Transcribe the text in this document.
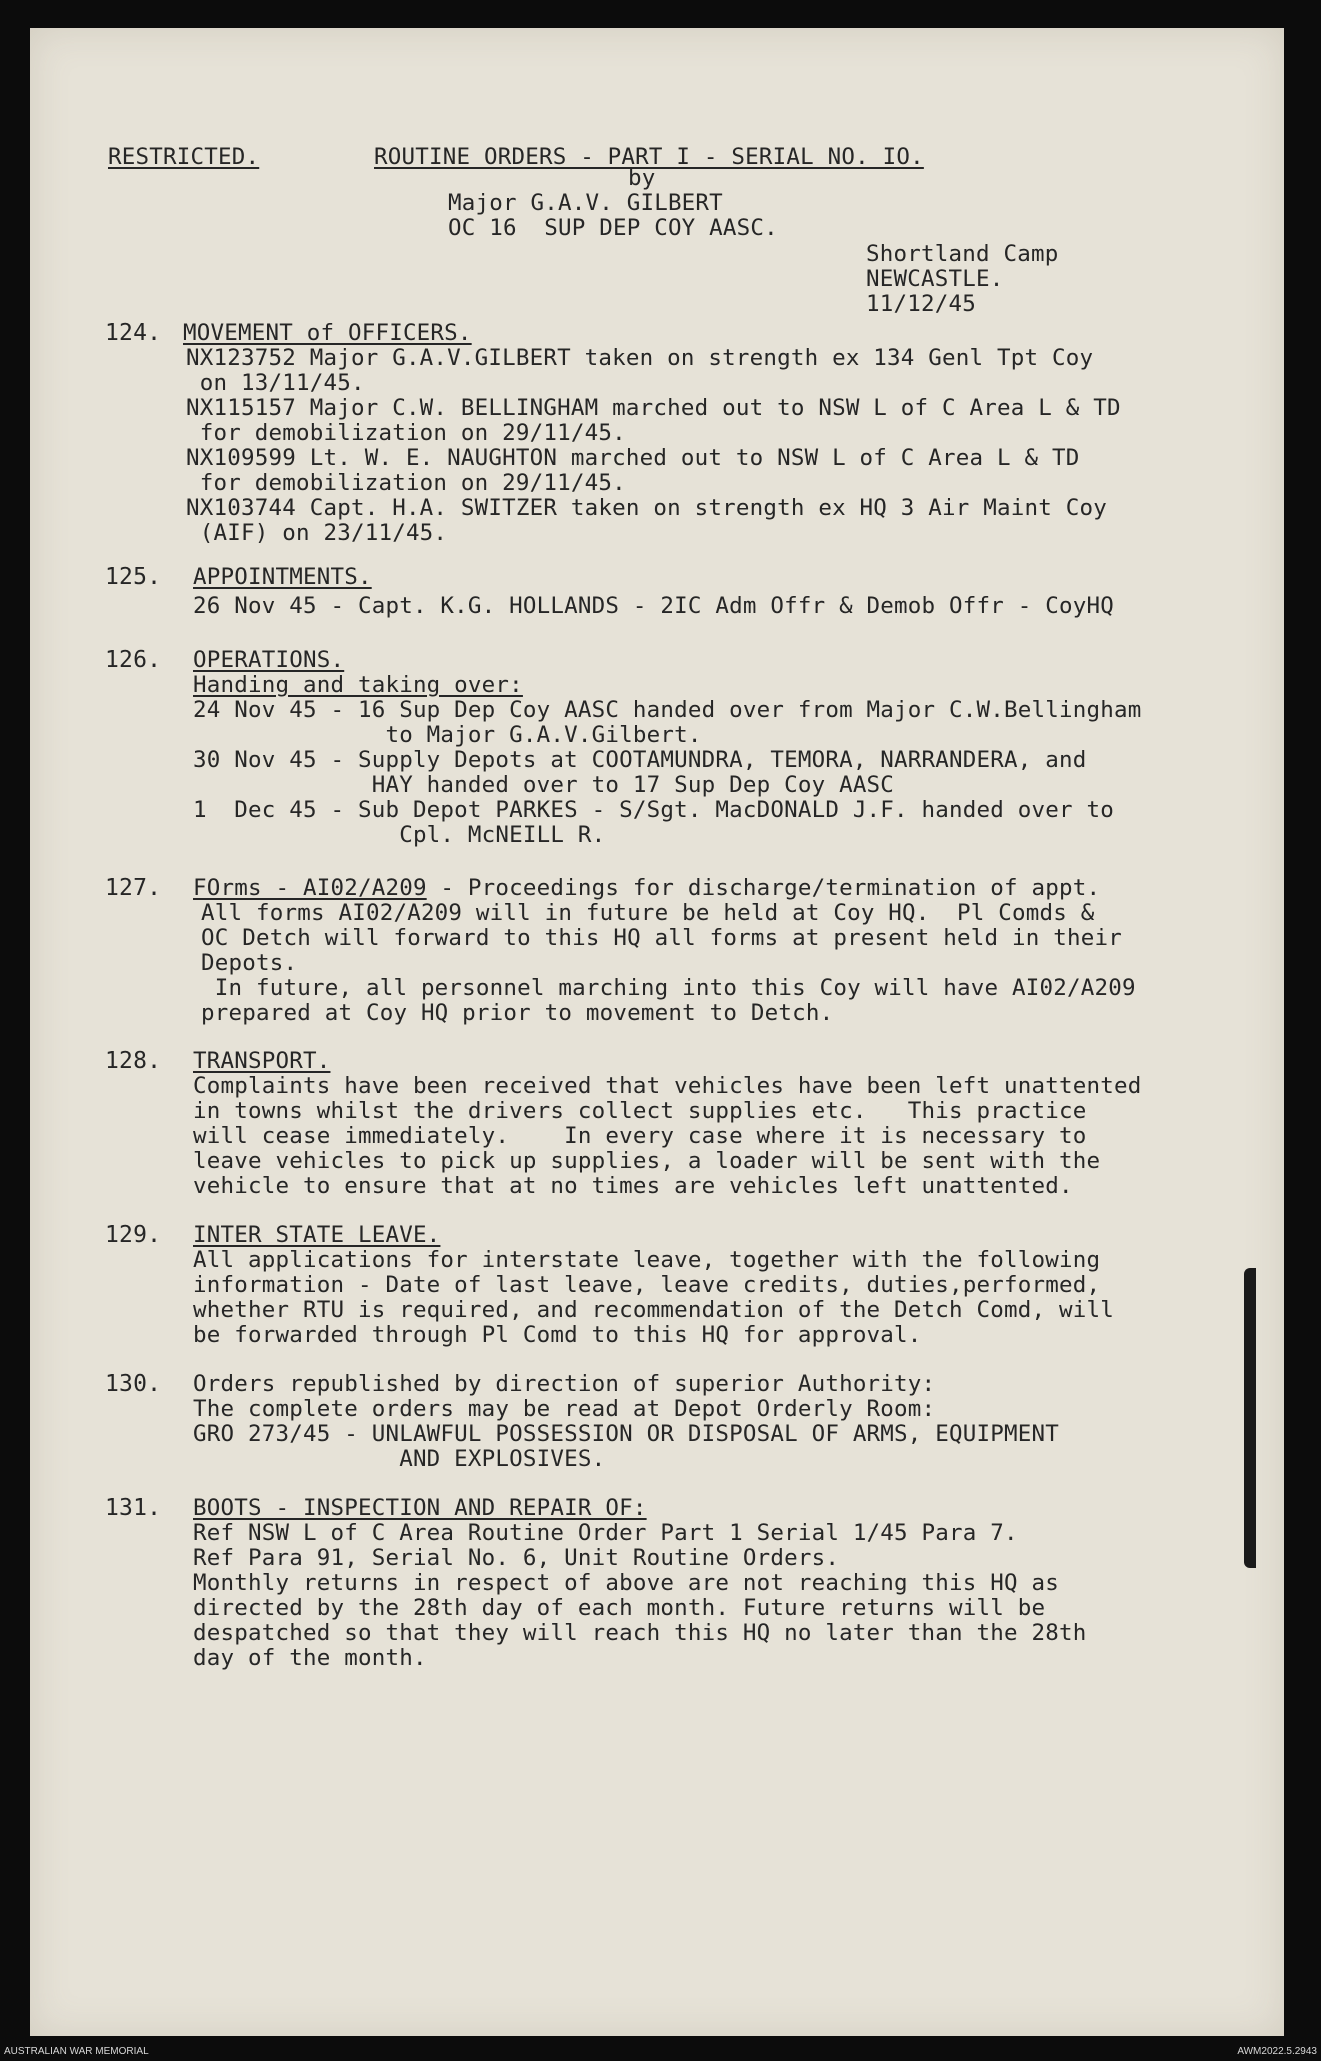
RESTRICTED.	ROUTINE ORDERS - PART I - SERIAL NO. IO.
by
Major G.A.V. GILBERT
OC 16  SUP DEP COY AASC.
Shortland Camp
NEWCASTLE.
11/12/45
124. MOVEMENT of OFFICERS.
NX123752 Major G.A.V.GILBERT taken on strength ex 134 Genl Tpt Coy
on 13/11/45.
NX115157 Major C.W. BELLINGHAM marched out to NSW L of C Area L & TD
for demobilization on 29/11/45.
NX109599 Lt. W. E. NAUGHTON marched out to NSW L of C Area L & TD
for demobilization on 29/11/45.
NX103744 Capt. H.A. SWITZER taken on strength ex HQ 3 Air Maint Coy
(AIF) on 23/11/45.
125. APPOINTMENTS.
26 Nov 45 - Capt. K.G. HOLLANDS - 2IC Adm Offr & Demob Offr - CoyHQ
126. OPERATIONS.
Handing and taking over:
24 Nov 45 - 16 Sup Dep Coy AASC handed over from Major C.W.Bellingham
to Major G.A.V.Gilbert.
30 Nov 45 - Supply Depots at COOTAMUNDRA, TEMORA, NARRANDERA, and
HAY handed over to 17 Sup Dep Coy AASC
1  Dec 45 - Sub Depot PARKES - S/Sgt. MacDONALD J.F. handed over to
Cpl. McNEILL R.
127. FOrms - AI02/A209 - Proceedings for discharge/termination of appt.
All forms AI02/A209 will in future be held at Coy HQ.  Pl Comds &
OC Detch will forward to this HQ all forms at present held in their
Depots.
In future, all personnel marching into this Coy will have AI02/A209
prepared at Coy HQ prior to movement to Detch.
128. TRANSPORT.
Complaints have been received that vehicles have been left unattented
in towns whilst the drivers collect supplies etc.   This practice
will cease immediately.    In every case where it is necessary to
leave vehicles to pick up supplies, a loader will be sent with the
vehicle to ensure that at no times are vehicles left unattented.
129. INTER STATE LEAVE.
All applications for interstate leave, together with the following
information - Date of last leave, leave credits, duties,performed,
whether RTU is required, and recommendation of the Detch Comd, will
be forwarded through Pl Comd to this HQ for approval.
130. Orders republished by direction of superior Authority:
The complete orders may be read at Depot Orderly Room:
GRO 273/45 - UNLAWFUL POSSESSION OR DISPOSAL OF ARMS, EQUIPMENT
AND EXPLOSIVES.
131. BOOTS - INSPECTION AND REPAIR OF:
Ref NSW L of C Area Routine Order Part 1 Serial 1/45 Para 7.
Ref Para 91, Serial No. 6, Unit Routine Orders.
Monthly returns in respect of above are not reaching this HQ as
directed by the 28th day of each month. Future returns will be
despatched so that they will reach this HQ no later than the 28th
day of the month.
AUSTRALIAN WAR MEMORIAL	AWM2022.5.2943
